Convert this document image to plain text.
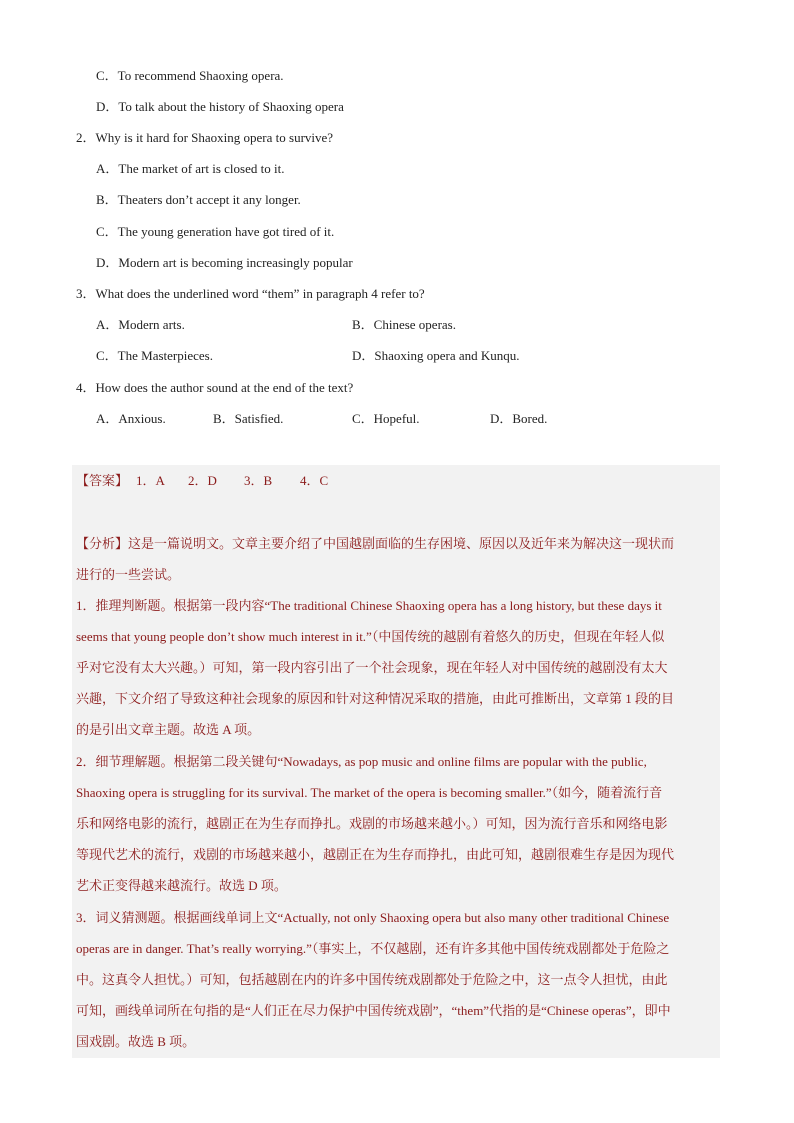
C．To recommend Shaoxing opera.
D．To talk about the history of Shaoxing opera
2．Why is it hard for Shaoxing opera to survive?
A．The market of art is closed to it.
B．Theaters don’t accept it any longer.
C．The young generation have got tired of it.
D．Modern art is becoming increasingly popular
3．What does the underlined word “them” in paragraph 4 refer to?
A．Modern arts.	B．Chinese operas.
C．The Masterpieces.	D．Shaoxing opera and Kunqu.
4．How does the author sound at the end of the text?
A．Anxious.	B．Satisfied.	C．Hopeful.	D．Bored.
【答案】 1．A 2．D 3．B 4．C
【分析】这是一篇说明文。文章主要介绍了中国越剧面临的生存困境、原因以及近年来为解决这一现状而
进行的一些尝试。
1．推理判断题。根据第一段内容“The traditional Chinese Shaoxing opera has a long history, but these days it
seems that young people don’t show much interest in it.”（中国传统的越剧有着悠久的历史，但现在年轻人似
乎对它没有太大兴趣。）可知，第一段内容引出了一个社会现象，现在年轻人对中国传统的越剧没有太大
兴趣，下文介绍了导致这种社会现象的原因和针对这种情况采取的措施，由此可推断出，文章第 1 段的目
的是引出文章主题。故选 A 项。
2．细节理解题。根据第二段关键句“Nowadays, as pop music and online films are popular with the public,
Shaoxing opera is struggling for its survival. The market of the opera is becoming smaller.”（如今，随着流行音
乐和网络电影的流行，越剧正在为生存而挣扎。戏剧的市场越来越小。）可知，因为流行音乐和网络电影
等现代艺术的流行，戏剧的市场越来越小，越剧正在为生存而挣扎，由此可知，越剧很难生存是因为现代
艺术正变得越来越流行。故选 D 项。
3．词义猜测题。根据画线单词上文“Actually, not only Shaoxing opera but also many other traditional Chinese
operas are in danger. That’s really worrying.”（事实上，不仅越剧，还有许多其他中国传统戏剧都处于危险之
中。这真令人担忧。）可知，包括越剧在内的许多中国传统戏剧都处于危险之中，这一点令人担忧，由此
可知，画线单词所在句指的是“人们正在尽力保护中国传统戏剧”，“them”代指的是“Chinese operas”，即中
国戏剧。故选 B 项。
